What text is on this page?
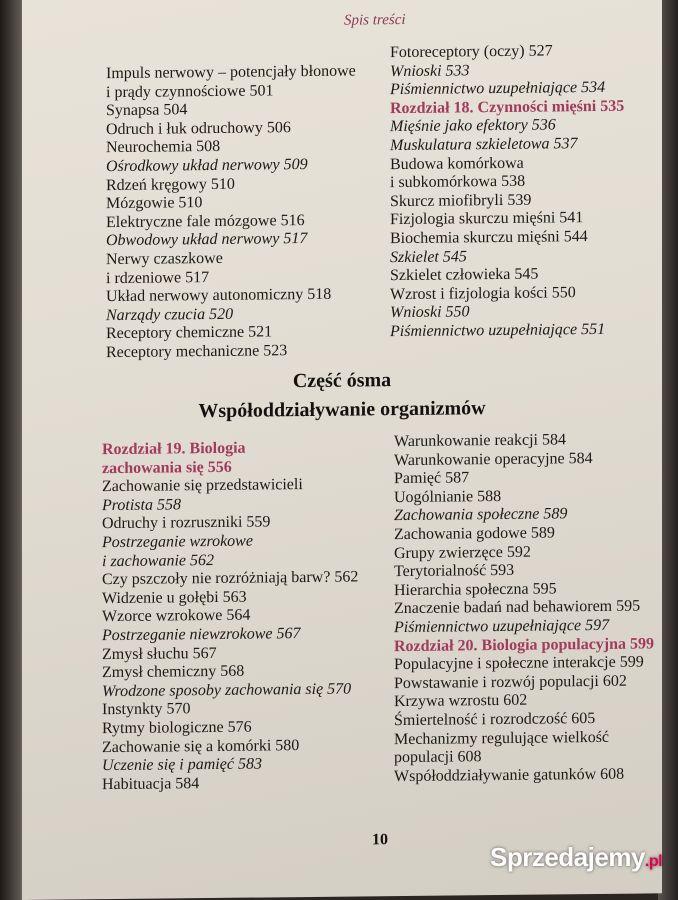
Spis treści
Impuls nerwowy – potencjały błonowe
i prądy czynnościowe 501
Synapsa 504
Odruch i łuk odruchowy 506
Neurochemia 508
Ośrodkowy układ nerwowy 509
Rdzeń kręgowy 510
Mózgowie 510
Elektryczne fale mózgowe 516
Obwodowy układ nerwowy 517
Nerwy czaszkowe
i rdzeniowe 517
Układ nerwowy autonomiczny 518
Narządy czucia 520
Receptory chemiczne 521
Receptory mechaniczne 523
Fotoreceptory (oczy) 527
Wnioski 533
Piśmiennictwo uzupełniające 534
Rozdział 18. Czynności mięśni 535
Mięśnie jako efektory 536
Muskulatura szkieletowa 537
Budowa komórkowa
i subkomórkowa 538
Skurcz miofibryli 539
Fizjologia skurczu mięśni 541
Biochemia skurczu mięśni 544
Szkielet 545
Szkielet człowieka 545
Wzrost i fizjologia kości 550
Wnioski 550
Piśmiennictwo uzupełniające 551
Część ósma
Współoddziaływanie organizmów
Rozdział 19. Biologia
zachowania się 556
Zachowanie się przedstawicieli
Protista 558
Odruchy i rozruszniki 559
Postrzeganie wzrokowe
i zachowanie 562
Czy pszczoły nie rozróżniają barw? 562
Widzenie u gołębi 563
Wzorce wzrokowe 564
Postrzeganie niewzrokowe 567
Zmysł słuchu 567
Zmysł chemiczny 568
Wrodzone sposoby zachowania się 570
Instynkty 570
Rytmy biologiczne 576
Zachowanie się a komórki 580
Uczenie się i pamięć 583
Habituacja 584
Warunkowanie reakcji 584
Warunkowanie operacyjne 584
Pamięć 587
Uogólnianie 588
Zachowania społeczne 589
Zachowania godowe 589
Grupy zwierzęce 592
Terytorialność 593
Hierarchia społeczna 595
Znaczenie badań nad behawiorem 595
Piśmiennictwo uzupełniające 597
Rozdział 20. Biologia populacyjna 599
Populacyjne i społeczne interakcje 599
Powstawanie i rozwój populacji 602
Krzywa wzrostu 602
Śmiertelność i rozrodczość 605
Mechanizmy regulujące wielkość
populacji 608
Współoddziaływanie gatunków 608
10
Sprzedajemy.pl
